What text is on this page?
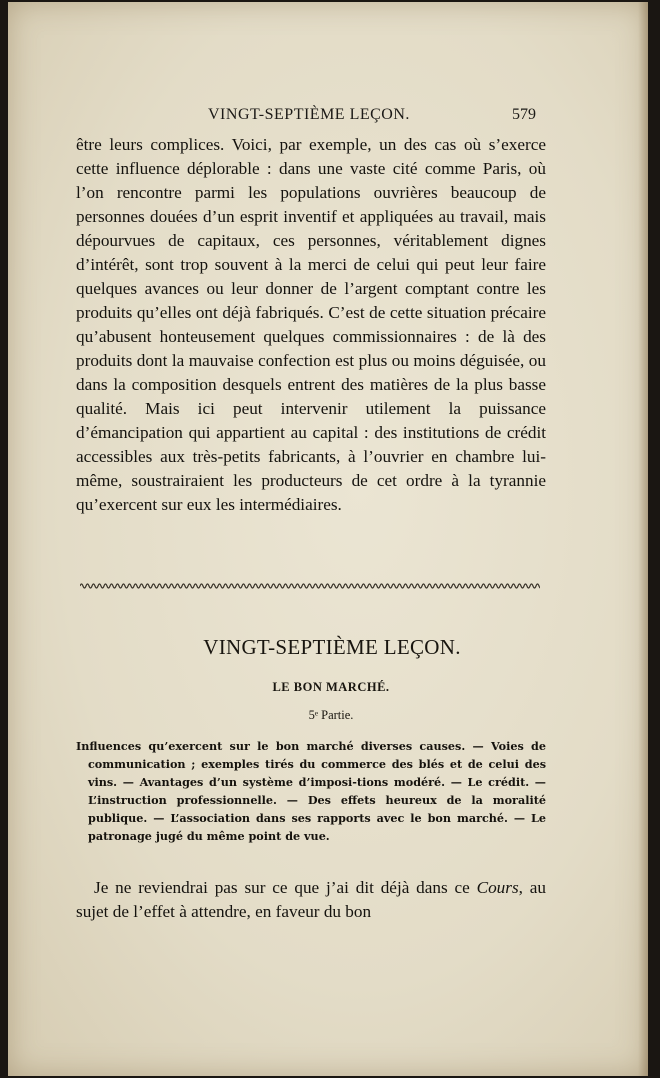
VINGT-SEPTIÈME LEÇON.	579

être leurs complices. Voici, par exemple, un des cas où s’exerce cette influence déplorable : dans une vaste cité comme Paris, où l’on rencontre parmi les populations ouvrières beaucoup de personnes douées d’un esprit inventif et appliquées au travail, mais dépourvues de capitaux, ces personnes, véritablement dignes d’intérêt, sont trop souvent à la merci de celui qui peut leur faire quelques avances ou leur donner de l’argent comptant contre les produits qu’elles ont déjà fabriqués. C’est de cette situation précaire qu’abusent honteusement quelques commissionnaires : de là des produits dont la mauvaise confection est plus ou moins déguisée, ou dans la composition desquels entrent des matières de la plus basse qualité. Mais ici peut intervenir utilement la puissance d’émancipation qui appartient au capital : des institutions de crédit accessibles aux très-petits fabricants, à l’ouvrier en chambre lui-même, soustrairaient les producteurs de cet ordre à la tyrannie qu’exercent sur eux les intermédiaires.

VINGT-SEPTIÈME LEÇON.
LE BON MARCHÉ.
5ᵉ Partie.
Influences qu’exercent sur le bon marché diverses causes. — Voies de communication ; exemples tirés du commerce des blés et de celui des vins. — Avantages d’un système d’imposi-tions modéré. — Le crédit. — L’instruction professionnelle. — Des effets heureux de la moralité publique. — L’association dans ses rapports avec le bon marché. — Le patronage jugé du même point de vue.
Je ne reviendrai pas sur ce que j’ai dit déjà dans ce Cours, au sujet de l’effet à attendre, en faveur du bon
